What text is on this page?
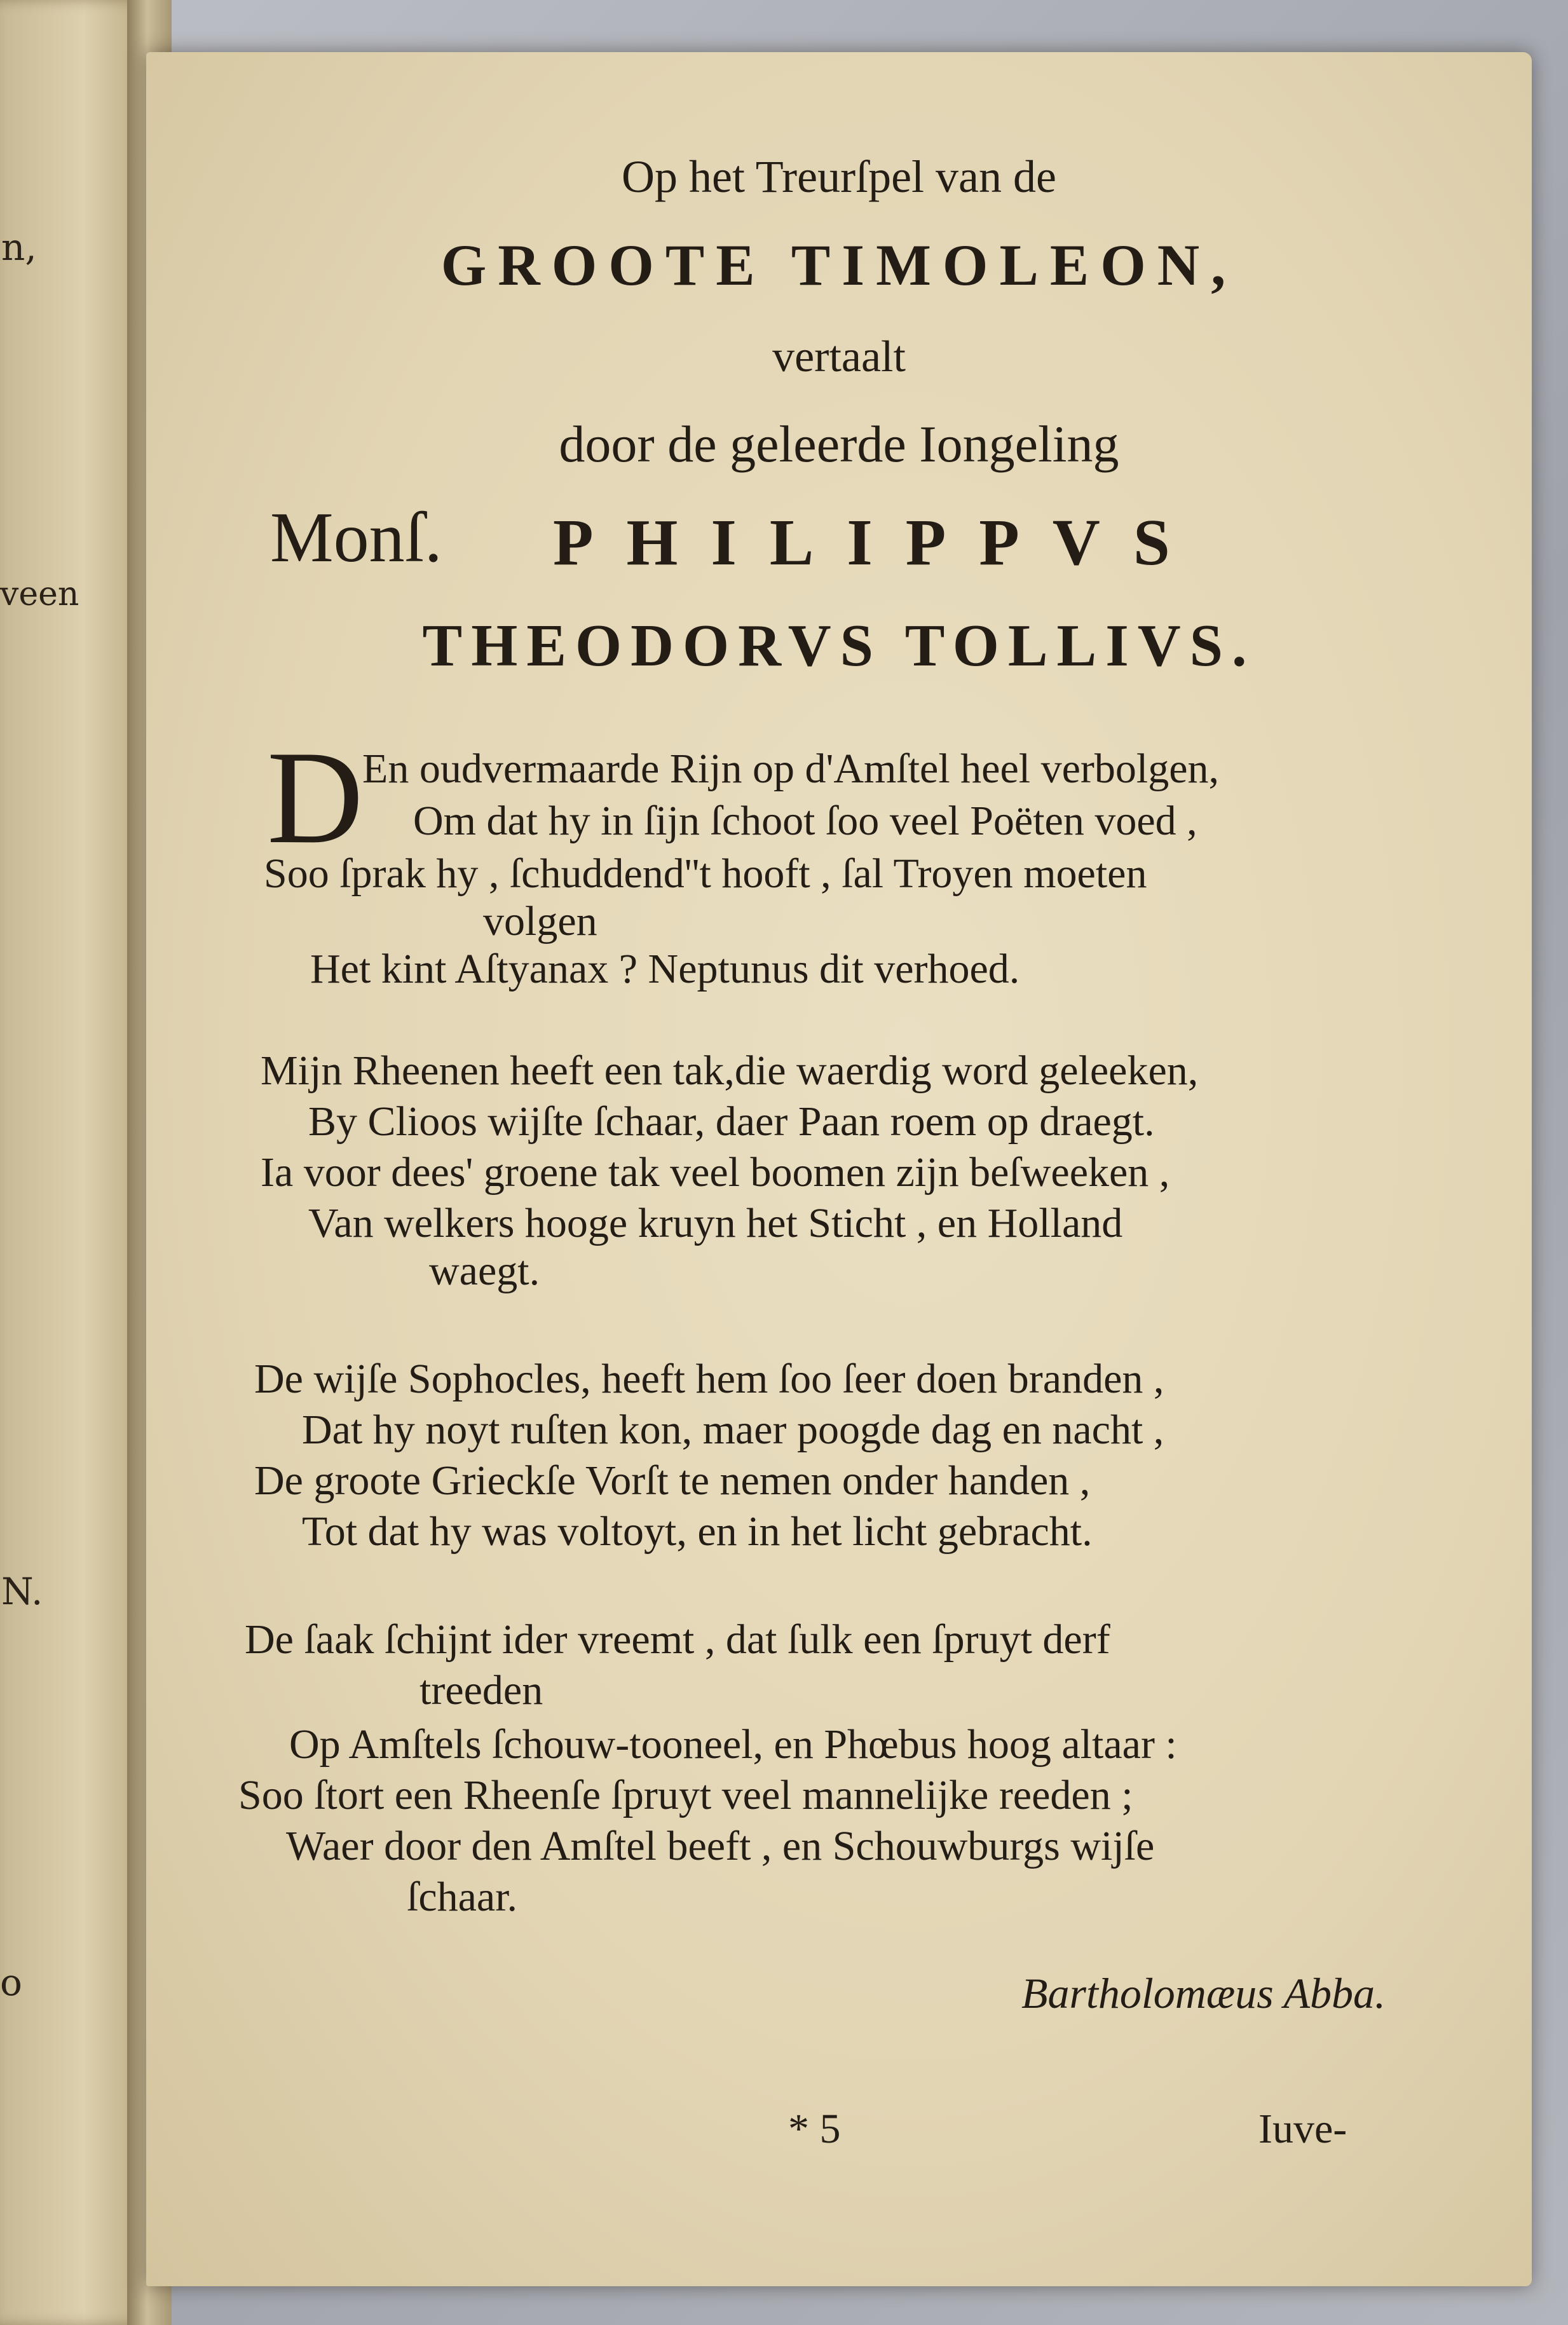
n,
veen
N.
o

Op het Treurſpel van de

GROOTE TIMOLEON,

vertaalt

door de geleerde Iongeling

Monſ. PHILIPPVS

THEODORVS TOLLIVS.

D

En oudvermaarde Rijn op d'Amſtel heel verbolgen,

Om dat hy in ſijn ſchoot ſoo veel Poëten voed ,

Soo ſprak hy , ſchuddend''t hooft , ſal Troyen moeten

volgen

Het kint Aſtyanax ? Neptunus dit verhoed.

Mijn Rheenen heeft een tak,die waerdig word geleeken,

By Clioos wijſte ſchaar, daer Paan roem op draegt.

Ia voor dees' groene tak veel boomen zijn beſweeken ,

Van welkers hooge kruyn het Sticht , en Holland

waegt.

De wijſe Sophocles, heeft hem ſoo ſeer doen branden ,

Dat hy noyt ruſten kon, maer poogde dag en nacht ,

De groote Grieckſe Vorſt te nemen onder handen ,

Tot dat hy was voltoyt, en in het licht gebracht.

De ſaak ſchijnt ider vreemt , dat ſulk een ſpruyt derf

treeden

Op Amſtels ſchouw-tooneel, en Phœbus hoog altaar :

Soo ſtort een Rheenſe ſpruyt veel mannelijke reeden ;

Waer door den Amſtel beeft , en Schouwburgs wijſe

ſchaar.

Bartholomæus Abba.

* 5	Iuve-
